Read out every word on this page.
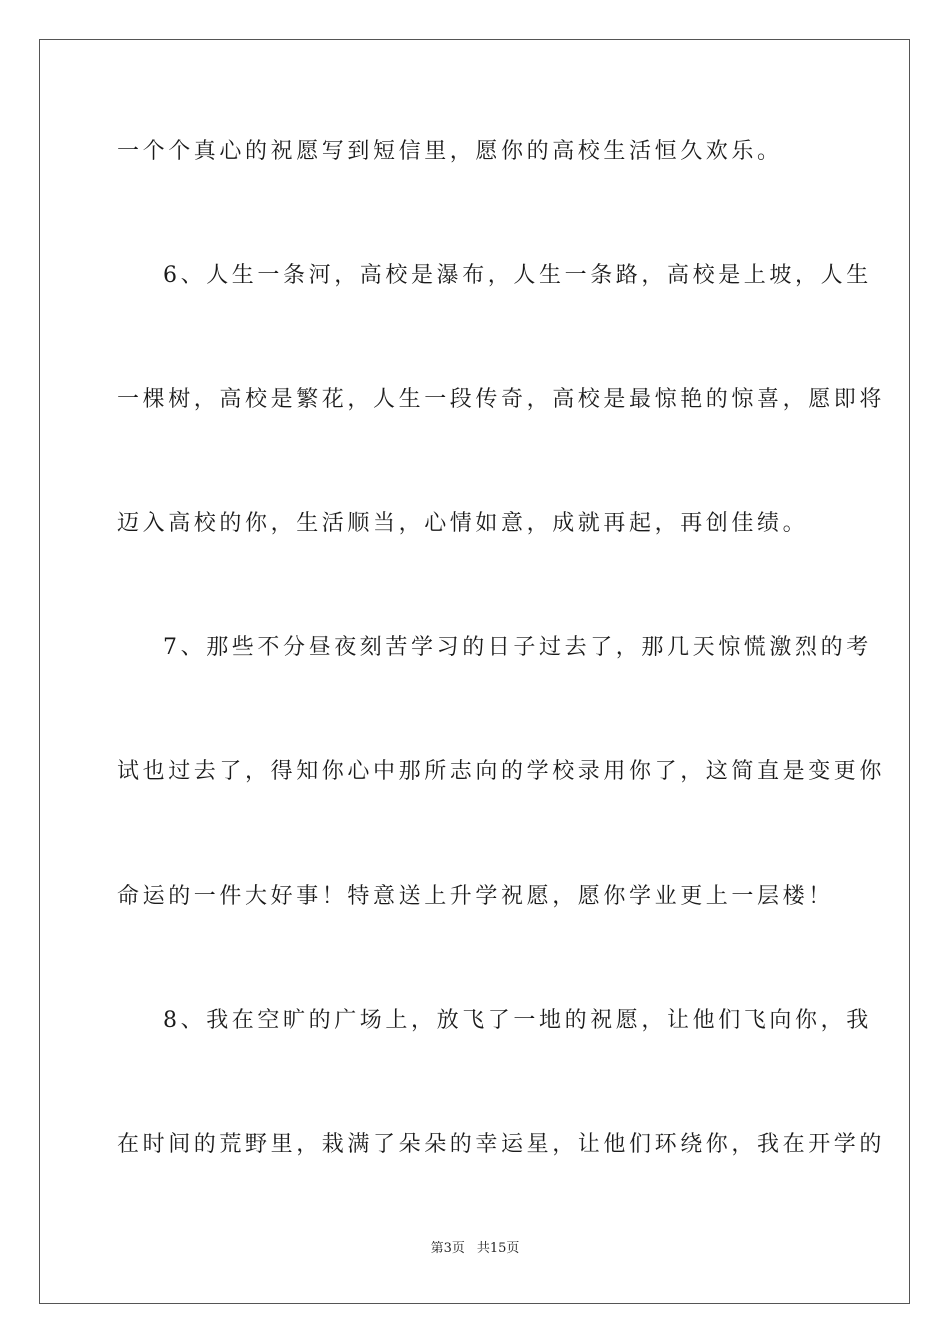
一个个真心的祝愿写到短信里，愿你的高校生活恒久欢乐。
6、人生一条河，高校是瀑布，人生一条路，高校是上坡，人生
一棵树，高校是繁花，人生一段传奇，高校是最惊艳的惊喜，愿即将
迈入高校的你，生活顺当，心情如意，成就再起，再创佳绩。
7、那些不分昼夜刻苦学习的日子过去了，那几天惊慌激烈的考
试也过去了，得知你心中那所志向的学校录用你了，这简直是变更你
命运的一件大好事！特意送上升学祝愿，愿你学业更上一层楼！
8、我在空旷的广场上，放飞了一地的祝愿，让他们飞向你，我
在时间的荒野里，栽满了朵朵的幸运星，让他们环绕你，我在开学的
第3页 共15页
